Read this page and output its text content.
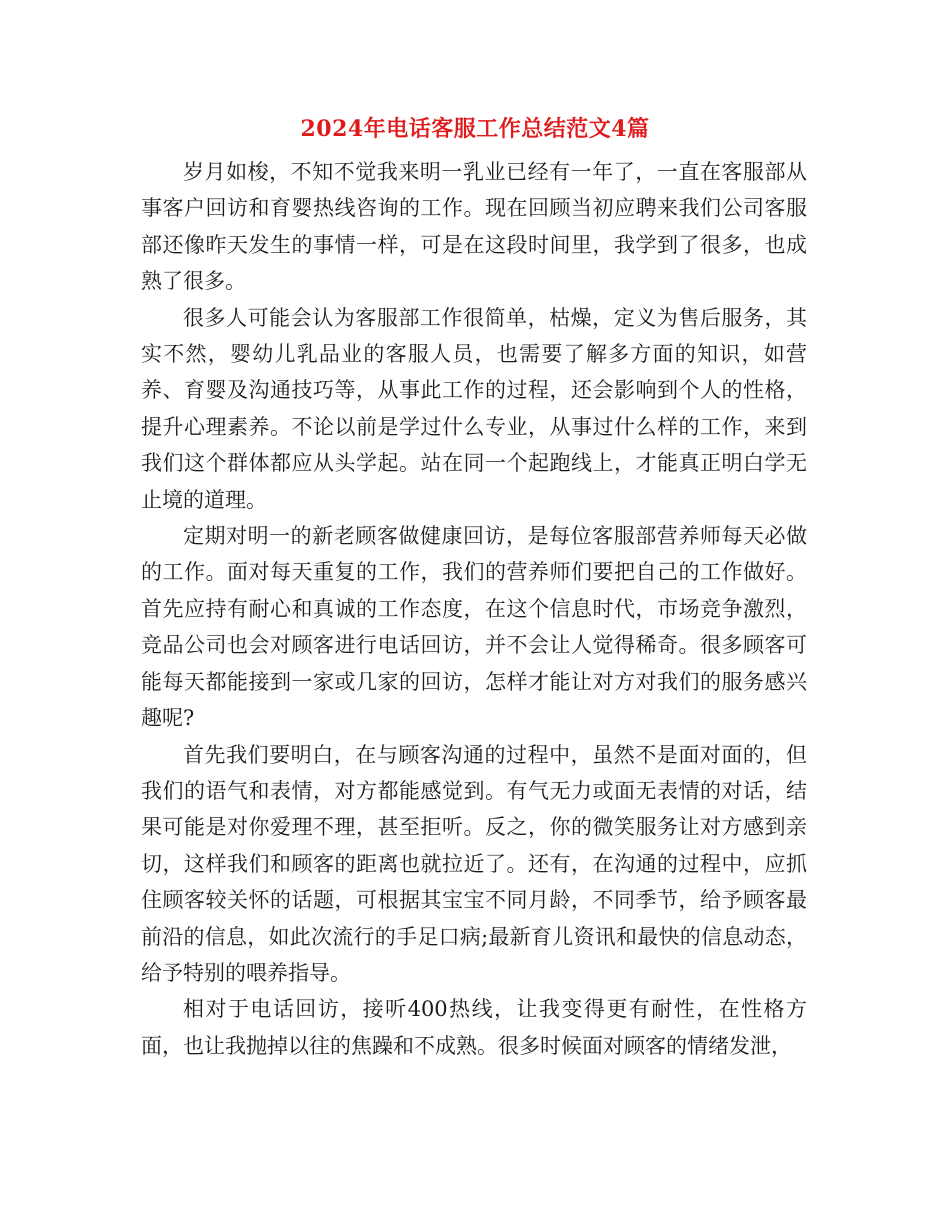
2024年电话客服工作总结范文4篇

岁月如梭，不知不觉我来明一乳业已经有一年了，一直在客服部从事客户回访和育婴热线咨询的工作。现在回顾当初应聘来我们公司客服部还像昨天发生的事情一样，可是在这段时间里，我学到了很多，也成熟了很多。

很多人可能会认为客服部工作很简单，枯燥，定义为售后服务，其实不然，婴幼儿乳品业的客服人员，也需要了解多方面的知识，如营养、育婴及沟通技巧等，从事此工作的过程，还会影响到个人的性格，提升心理素养。不论以前是学过什么专业，从事过什么样的工作，来到我们这个群体都应从头学起。站在同一个起跑线上，才能真正明白学无止境的道理。

定期对明一的新老顾客做健康回访，是每位客服部营养师每天必做的工作。面对每天重复的工作，我们的营养师们要把自己的工作做好。首先应持有耐心和真诚的工作态度，在这个信息时代，市场竞争激烈，竞品公司也会对顾客进行电话回访，并不会让人觉得稀奇。很多顾客可能每天都能接到一家或几家的回访，怎样才能让对方对我们的服务感兴趣呢?

首先我们要明白，在与顾客沟通的过程中，虽然不是面对面的，但我们的语气和表情，对方都能感觉到。有气无力或面无表情的对话，结果可能是对你爱理不理，甚至拒听。反之，你的微笑服务让对方感到亲切，这样我们和顾客的距离也就拉近了。还有，在沟通的过程中，应抓住顾客较关怀的话题，可根据其宝宝不同月龄，不同季节，给予顾客最前沿的信息，如此次流行的手足口病;最新育儿资讯和最快的信息动态，给予特别的喂养指导。

相对于电话回访，接听400热线，让我变得更有耐性，在性格方面，也让我抛掉以往的焦躁和不成熟。很多时候面对顾客的情绪发泄，
